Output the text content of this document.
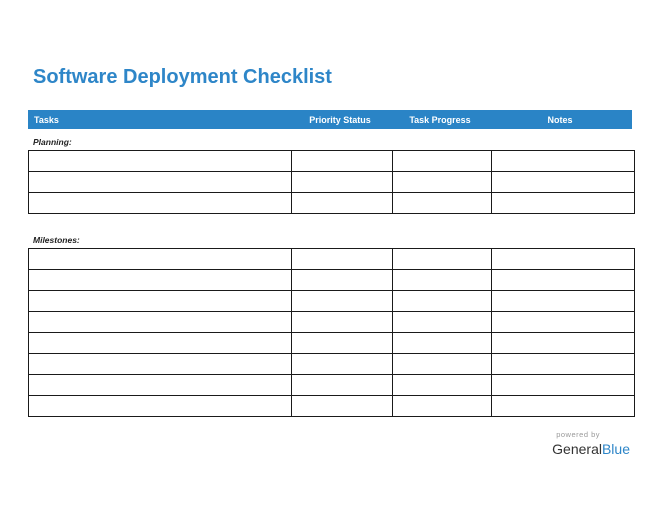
Software Deployment Checklist
Tasks	Priority Status	Task Progress	Notes
Planning:

Milestones:

powered by
GeneralBlue
